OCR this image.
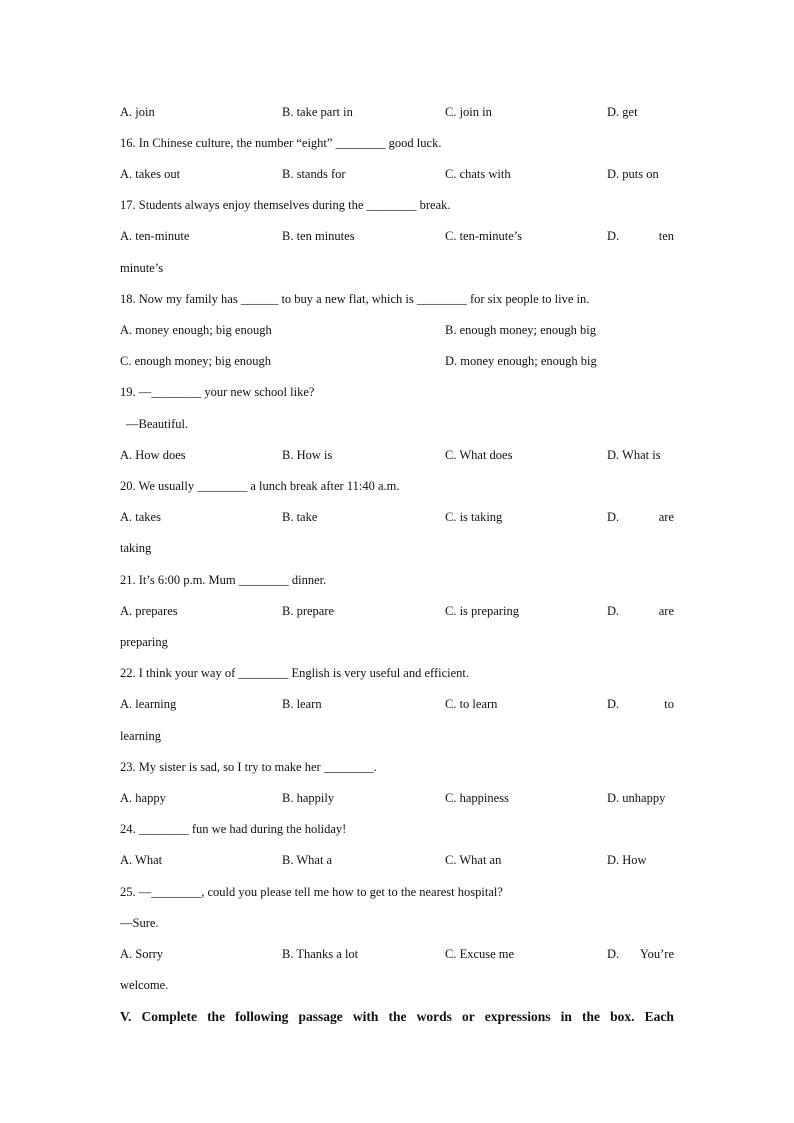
A. join	B. take part in	C. join in	D. get
16. In Chinese culture, the number “eight” ________ good luck.
A. takes out	B. stands for	C. chats with	D. puts on
17. Students always enjoy themselves during the ________ break.
A. ten-minute	B. ten minutes	C. ten-minute’s	D.	ten
minute’s
18. Now my family has ______ to buy a new flat, which is ________ for six people to live in.
A. money enough; big enough	B. enough money; enough big
C. enough money; big enough	D. money enough; enough big
19. —________ your new school like?
—Beautiful.
A. How does	B. How is	C. What does	D. What is
20. We usually ________ a lunch break after 11:40 a.m.
A. takes	B. take	C. is taking	D.	are
taking
21. It’s 6:00 p.m. Mum ________ dinner.
A. prepares	B. prepare	C. is preparing	D.	are
preparing
22. I think your way of ________ English is very useful and efficient.
A. learning	B. learn	C. to learn	D.	to
learning
23. My sister is sad, so I try to make her ________.
A. happy	B. happily	C. happiness	D. unhappy
24. ________ fun we had during the holiday!
A. What	B. What a	C. What an	D. How
25. —________, could you please tell me how to get to the nearest hospital?
—Sure.
A. Sorry	B. Thanks a lot	C. Excuse me	D. You’re
welcome.
V. Complete the following passage with the words or expressions in the box. Each
